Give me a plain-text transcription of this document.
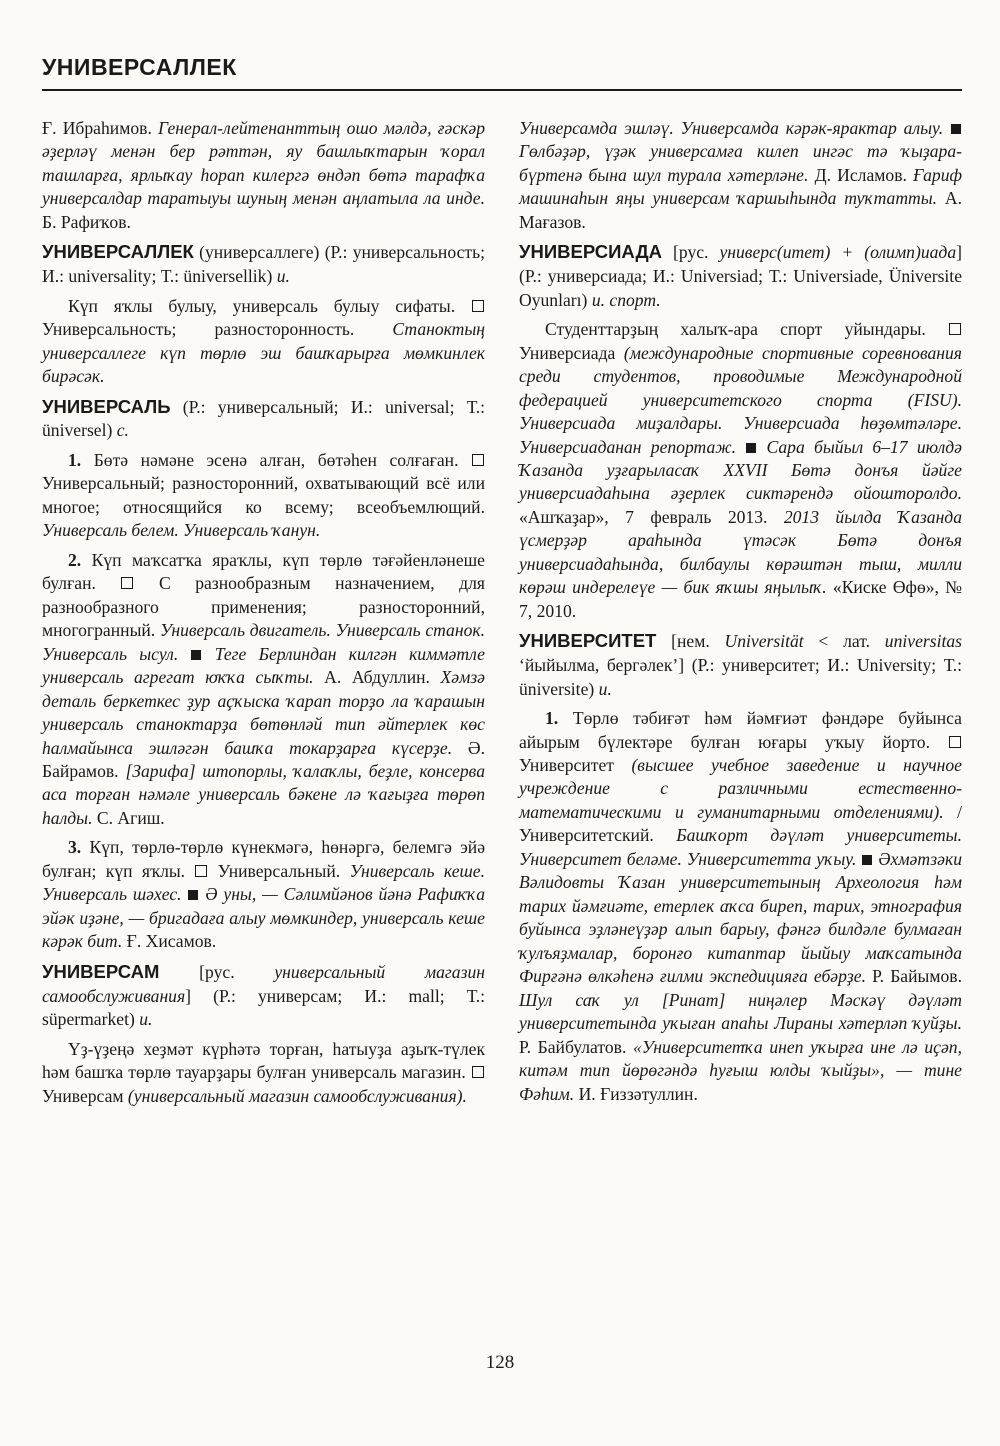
УНИВЕРСАЛЛЕК

Ғ. Ибраһимов. Генерал-лейтенанттың ошо мәлдә, ғәскәр әҙерләү менән бер рәттән, яу башлыҡтарын ҡорал ташларға, ярлыҡау һорап килергә өндәп бөтә тарафҡа универсалдар таратыуы шуның менән аңлатыла ла инде. Б. Рафиҡов.

УНИВЕРСАЛЛЕК (универсаллеге) (Р.: универсальность; И.: universality; Т.: üniversellik) и.

Күп яҡлы булыу, универсаль булыу сифаты.  Универсальность; разносторонность. Станоктың универсаллеге күп төрлө эш башҡарырға мөмкинлек бирәсәк.

УНИВЕРСАЛЬ (Р.: универсальный; И.: universal; Т.: üniversel) с.

1. Бөтә нәмәне эсенә алған, бөтәһен солғаған.  Универсальный; разносторонний, охватывающий всё или многое; относящийся ко всему; всеобъемлющий. Универсаль белем. Универсаль ҡанун.

2. Күп маҡсатҡа яраҡлы, күп төрлө тәғәйенләнеше булған.  С разнообразным назначением, для разнообразного применения; разносторонний, многогранный. Универсаль двигатель. Универсаль станок. Универсаль ысул. Теге Берлиндан килгән киммәтле универсаль агрегат юҡҡа сыҡты. А. Абдуллин. Хәмзә деталь беркеткес ҙур аҫҡыска ҡарап торҙо ла ҡарашын универсаль станоктарҙа бөтөнләй тип әйтерлек көс һалмайынса эшләгән башҡа токарҙарға күсерҙе. Ә. Байрамов. [Зарифа] штопорлы, ҡалаҡлы, беҙле, консерва аса торған нәмәле универсаль бәкене лә ҡағыҙға төрөп һалды. С. Агиш.

3. Күп, төрлө-төрлө күнекмәгә, һөнәргә, белемгә эйә булған; күп яҡлы.  Универсальный. Универсаль кеше. Универсаль шәхес. Ә уны, — Сәлимйәнов йәнә Рафиҡҡа эйәк иҙәне, — бригадаға алыу мөмкиндер, универсаль кеше кәрәк бит. Ғ. Хисамов.

УНИВЕРСАМ [рус. универсальный магазин самообслуживания] (Р.: универсам; И.: mall; Т.: süpermarket) и.

Үҙ-үҙеңә хеҙмәт күрһәтә торған, һатыуҙа аҙыҡ-түлек һәм башҡа төрлө тауарҙары булған универсаль магазин.  Универсам (универсальный магазин самообслуживания).

Универсамда эшләү. Универсамда кәрәк-ярактар алыу.  Гөлбәҙәр, үҙәк универсамға килеп ингәс тә ҡыҙара-бүртенә бына шул турала хәтерләне. Д. Исламов. Ғариф машинаһын яңы универсам ҡаршыһында туҡтатты. А. Мағазов.

УНИВЕРСИАДА [рус. универс(итет) + (олимп)иада] (Р.: универсиада; И.: Universiad; Т.: Universiade, Üniversite Oyunları) и. спорт.

Студенттарҙың халыҡ-ара спорт уйындары.  Универсиада (международные спортивные соревнования среди студентов, проводимые Международной федерацией университетского спорта (FISU). Универсиада миҙалдары. Универсиада һөҙөмтәләре. Универсиаданан репортаж. Сара быйыл 6–17 июлдә Ҡазанда уҙғарыласаҡ XXVII Бөтә донъя йәйге универсиадаһына әҙерлек сиктәрендә ойошторолдо. «Ашҡаҙар», 7 февраль 2013. 2013 йылда Ҡазанда үсмерҙәр араһында үтәсәк Бөтә донъя универсиадаһында, билбаулы көрәштән тыш, милли көрәш индерелеүе — бик яҡшы яңылыҡ. «Киске Өфө», № 7, 2010.

УНИВЕРСИТЕТ [нем. Universität < лат. universitas ‘йыйылма, бергәлек’] (Р.: университет; И.: University; Т.: üniversite) и.

1. Төрлө тәбиғәт һәм йәмғиәт фәндәре буйынса айырым бүлектәре булған юғары уҡыу йорто.  Университет (высшее учебное заведение и научное учреждение с различными естественно-математическими и гуманитарными отделениями). / Университетский. Башҡорт дәүләт университеты. Университет беләме. Университетта уҡыу. Әхмәтзәки Вәлидовты Ҡазан университетының Археология һәм тарих йәмғиәте, етерлек аҡса биреп, тарих, этнография буйынса эҙләнеүҙәр алып барыу, фәнгә билдәле булмаған ҡулъяҙмалар, боронғо китаптар йыйыу маҡсатында Фирғәнә өлкәһенә ғилми экспедицияға ебәрҙе. Р. Байымов. Шул саҡ ул [Ринат] ниңәлер Мәскәү дәүләт университетында уҡыған апаһы Лираны хәтерләп ҡуйҙы. Р. Байбулатов. «Университетҡа инеп уҡырға ине лә иҫәп, китәм тип йөрөгәндә һуғыш юлды ҡыйҙы», — тине Фәһим. И. Ғиззәтуллин.

128
